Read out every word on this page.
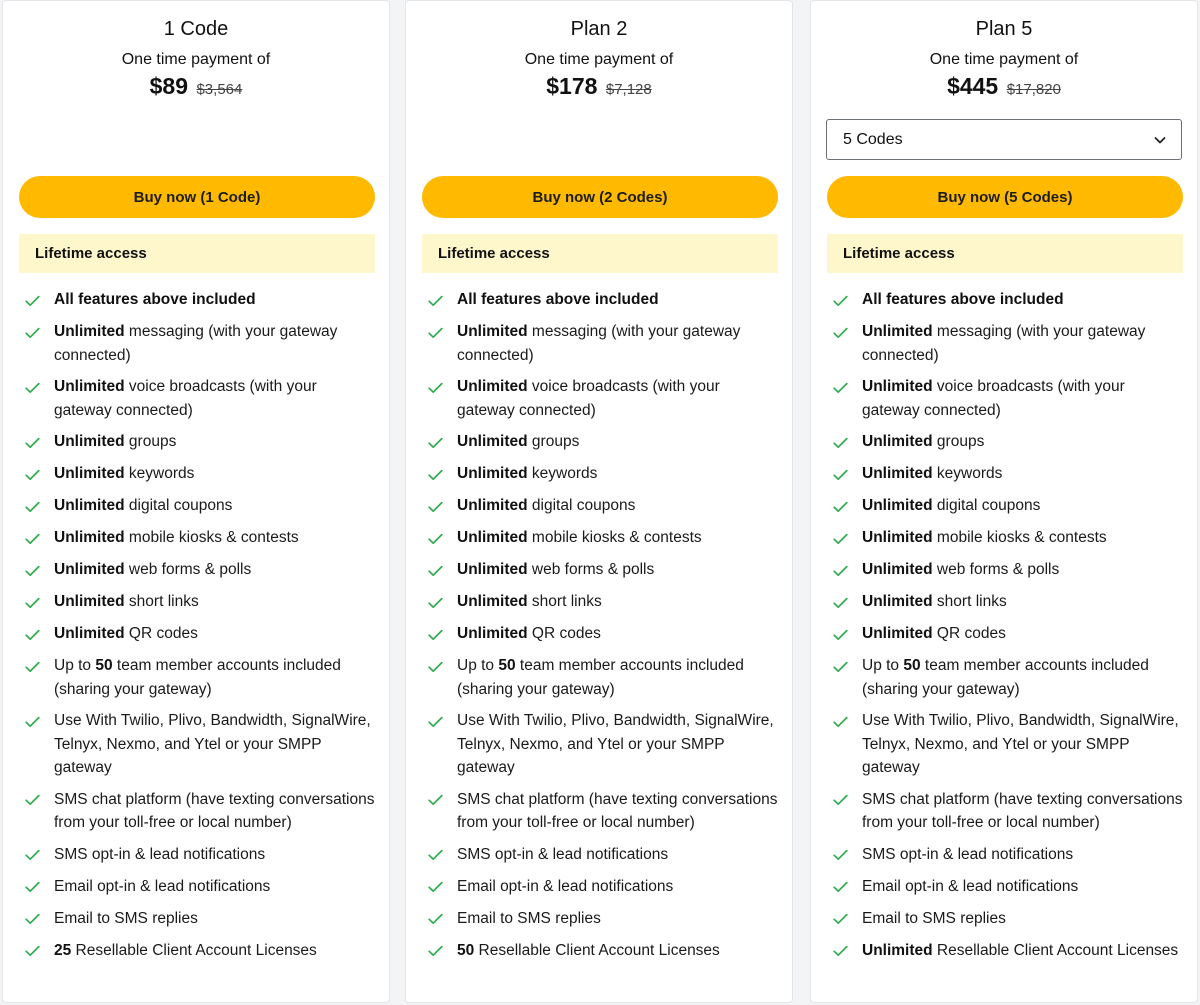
1 Code
One time payment of
$89 $3,564
Buy now (1 Code)
Lifetime access
All features above included
Unlimited messaging (with your gateway connected)
Unlimited voice broadcasts (with your gateway connected)
Unlimited groups
Unlimited keywords
Unlimited digital coupons
Unlimited mobile kiosks & contests
Unlimited web forms & polls
Unlimited short links
Unlimited QR codes
Up to 50 team member accounts included (sharing your gateway)
Use With Twilio, Plivo, Bandwidth, SignalWire, Telnyx, Nexmo, and Ytel or your SMPP gateway
SMS chat platform (have texting conversations from your toll-free or local number)
SMS opt-in & lead notifications
Email opt-in & lead notifications
Email to SMS replies
25 Resellable Client Account Licenses
Plan 2
One time payment of
$178 $7,128
Buy now (2 Codes)
Lifetime access
All features above included
Unlimited messaging (with your gateway connected)
Unlimited voice broadcasts (with your gateway connected)
Unlimited groups
Unlimited keywords
Unlimited digital coupons
Unlimited mobile kiosks & contests
Unlimited web forms & polls
Unlimited short links
Unlimited QR codes
Up to 50 team member accounts included (sharing your gateway)
Use With Twilio, Plivo, Bandwidth, SignalWire, Telnyx, Nexmo, and Ytel or your SMPP gateway
SMS chat platform (have texting conversations from your toll-free or local number)
SMS opt-in & lead notifications
Email opt-in & lead notifications
Email to SMS replies
50 Resellable Client Account Licenses
Plan 5
One time payment of
$445 $17,820
5 Codes
Buy now (5 Codes)
Lifetime access
All features above included
Unlimited messaging (with your gateway connected)
Unlimited voice broadcasts (with your gateway connected)
Unlimited groups
Unlimited keywords
Unlimited digital coupons
Unlimited mobile kiosks & contests
Unlimited web forms & polls
Unlimited short links
Unlimited QR codes
Up to 50 team member accounts included (sharing your gateway)
Use With Twilio, Plivo, Bandwidth, SignalWire, Telnyx, Nexmo, and Ytel or your SMPP gateway
SMS chat platform (have texting conversations from your toll-free or local number)
SMS opt-in & lead notifications
Email opt-in & lead notifications
Email to SMS replies
Unlimited Resellable Client Account Licenses
